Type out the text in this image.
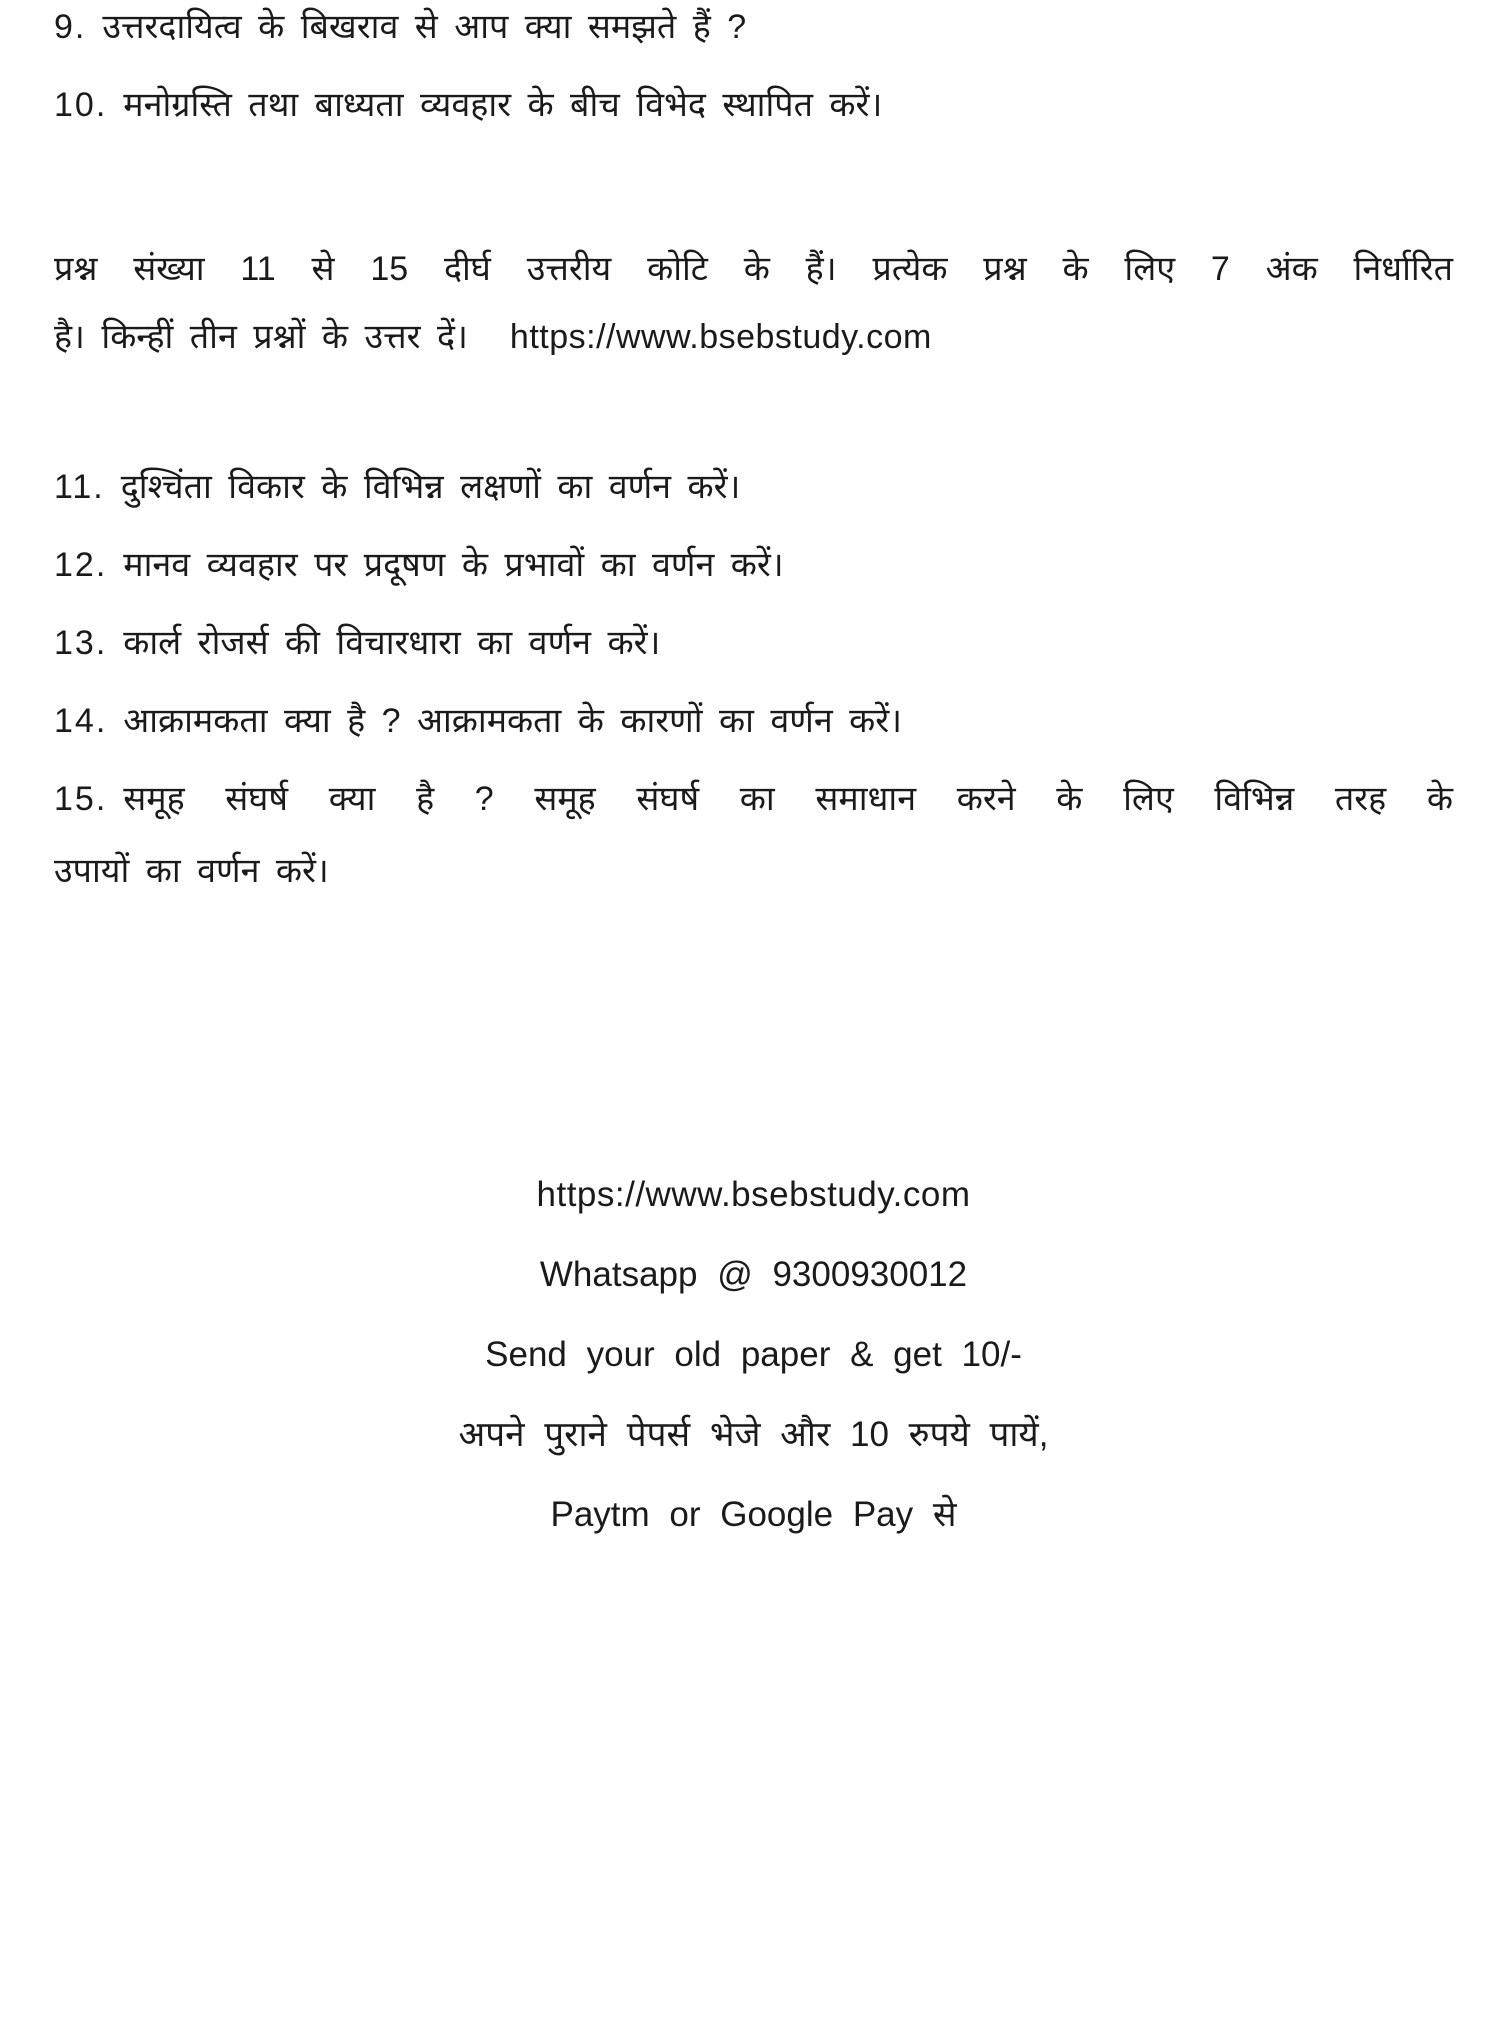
9. उत्तरदायित्व के बिखराव से आप क्या समझते हैं ?

10. मनोग्रस्ति तथा बाध्यता व्यवहार के बीच विभेद स्थापित करें।

प्रश्न संख्या 11 से 15 दीर्घ उत्तरीय कोटि के हैं। प्रत्येक प्रश्न के लिए 7 अंक निर्धारित
है। किन्हीं तीन प्रश्नों के उत्तर दें। https://www.bsebstudy.com

11. दुश्चिंता विकार के विभिन्न लक्षणों का वर्णन करें।

12. मानव व्यवहार पर प्रदूषण के प्रभावों का वर्णन करें।

13. कार्ल रोजर्स की विचारधारा का वर्णन करें।

14. आक्रामकता क्या है ? आक्रामकता के कारणों का वर्णन करें।

15. समूह संघर्ष क्या है ? समूह संघर्ष का समाधान करने के लिए विभिन्न तरह के
उपायों का वर्णन करें।

https://www.bsebstudy.com

Whatsapp @ 9300930012

Send your old paper & get 10/-

अपने पुराने पेपर्स भेजे और 10 रुपये पायें,

Paytm or Google Pay से
